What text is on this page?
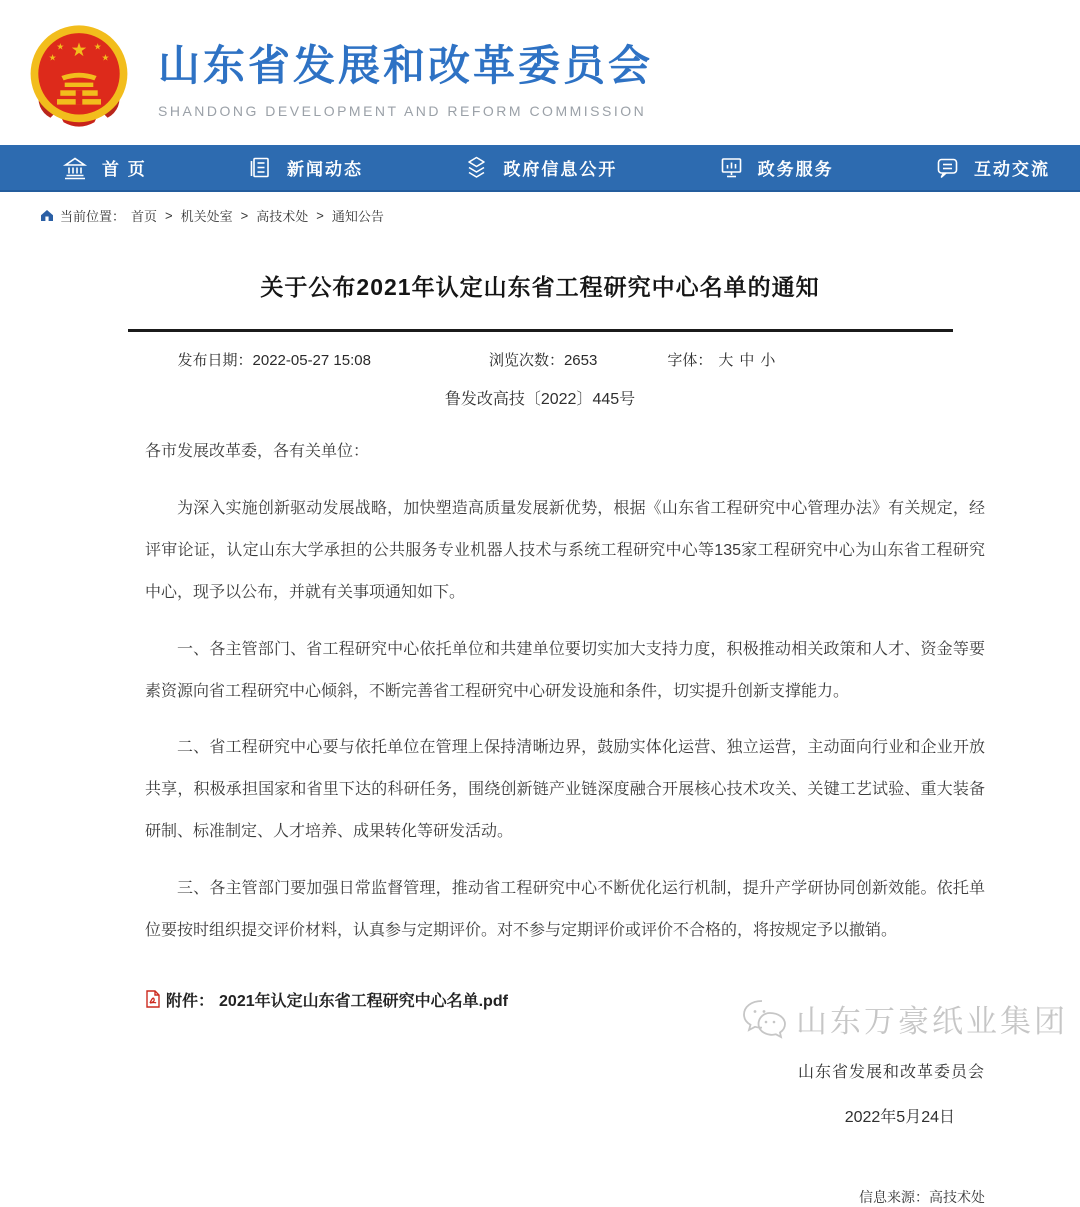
★
★	★
★	★ 山东省发展和改革委员会
SHANDONG DEVELOPMENT AND REFORM COMMISSION
首 页	新闻动态	政府信息公开	政务服务	互动交流
当前位置： 首页 > 机关处室 > 高技术处 > 通知公告
关于公布2021年认定山东省工程研究中心名单的通知
发布日期：2022-05-27 15:08	浏览次数：2653	字体： 大 中 小
鲁发改高技〔2022〕445号

各市发展改革委，各有关单位：

为深入实施创新驱动发展战略，加快塑造高质量发展新优势，根据《山东省工程研究中心管理办法》有关规定，经评审论证，认定山东大学承担的公共服务专业机器人技术与系统工程研究中心等135家工程研究中心为山东省工程研究中心，现予以公布，并就有关事项通知如下。

一、各主管部门、省工程研究中心依托单位和共建单位要切实加大支持力度，积极推动相关政策和人才、资金等要素资源向省工程研究中心倾斜，不断完善省工程研究中心研发设施和条件，切实提升创新支撑能力。

二、省工程研究中心要与依托单位在管理上保持清晰边界，鼓励实体化运营、独立运营，主动面向行业和企业开放共享，积极承担国家和省里下达的科研任务，围绕创新链产业链深度融合开展核心技术攻关、关键工艺试验、重大装备研制、标准制定、人才培养、成果转化等研发活动。

三、各主管部门要加强日常监督管理，推动省工程研究中心不断优化运行机制，提升产学研协同创新效能。依托单位要按时组织提交评价材料，认真参与定期评价。对不参与定期评价或评价不合格的，将按规定予以撤销。

附件： 2021年认定山东省工程研究中心名单.pdf
山东省发展和改革委员会
2022年5月24日
信息来源：高技术处
山东万豪纸业集团
